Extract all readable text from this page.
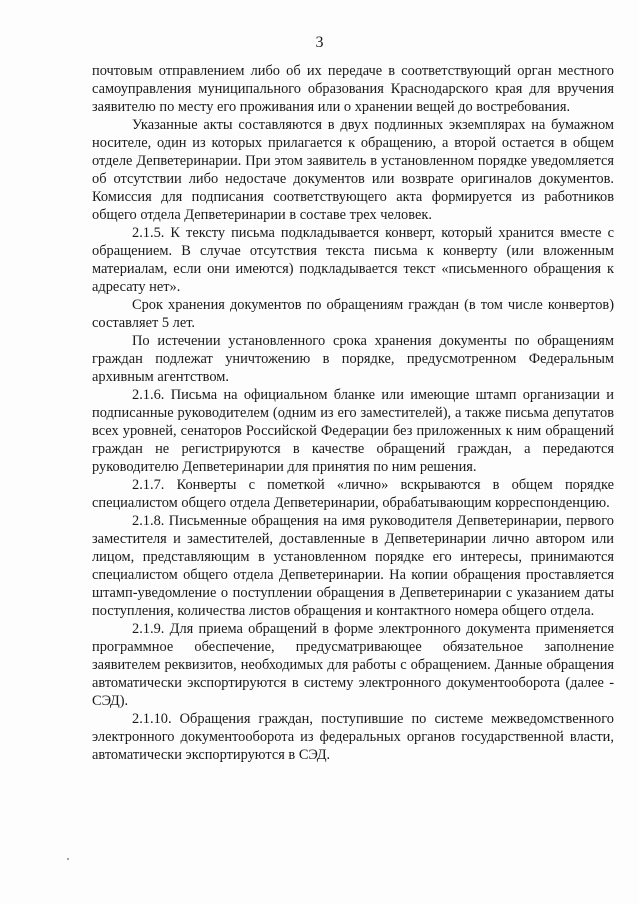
3

почтовым отправлением либо об их передаче в соответствующий орган местного самоуправления муниципального образования Краснодарского края для вручения заявителю по месту его проживания или о хранении вещей до востребования.

Указанные акты составляются в двух подлинных экземплярах на бумажном носителе, один из которых прилагается к обращению, а второй остается в общем отделе Депветеринарии. При этом заявитель в установленном порядке уведомляется об отсутствии либо недостаче документов или возврате оригиналов документов. Комиссия для подписания соответствующего акта формируется из работников общего отдела Депветеринарии в составе трех человек.

2.1.5. К тексту письма подкладывается конверт, который хранится вместе с обращением. В случае отсутствия текста письма к конверту (или вложенным материалам, если они имеются) подкладывается текст «письменного обращения к адресату нет».

Срок хранения документов по обращениям граждан (в том числе конвертов) составляет 5 лет.

По истечении установленного срока хранения документы по обращениям граждан подлежат уничтожению в порядке, предусмотренном Федеральным архивным агентством.

2.1.6. Письма на официальном бланке или имеющие штамп организации и подписанные руководителем (одним из его заместителей), а также письма депутатов всех уровней, сенаторов Российской Федерации без приложенных к ним обращений граждан не регистрируются в качестве обращений граждан, а передаются руководителю Депветеринарии для принятия по ним решения.

2.1.7. Конверты с пометкой «лично» вскрываются в общем порядке специалистом общего отдела Депветеринарии, обрабатывающим корреспонденцию.

2.1.8. Письменные обращения на имя руководителя Депветеринарии, первого заместителя и заместителей, доставленные в Депветеринарии лично автором или лицом, представляющим в установленном порядке его интересы, принимаются специалистом общего отдела Депветеринарии. На копии обращения проставляется штамп-уведомление о поступлении обращения в Депветеринарии с указанием даты поступления, количества листов обращения и контактного номера общего отдела.

2.1.9. Для приема обращений в форме электронного документа применяется программное обеспечение, предусматривающее обязательное заполнение заявителем реквизитов, необходимых для работы с обращением. Данные обращения автоматически экспортируются в систему электронного документооборота (далее - СЭД).

2.1.10. Обращения граждан, поступившие по системе межведомственного электронного документооборота из федеральных органов государственной власти, автоматически экспортируются в СЭД.
